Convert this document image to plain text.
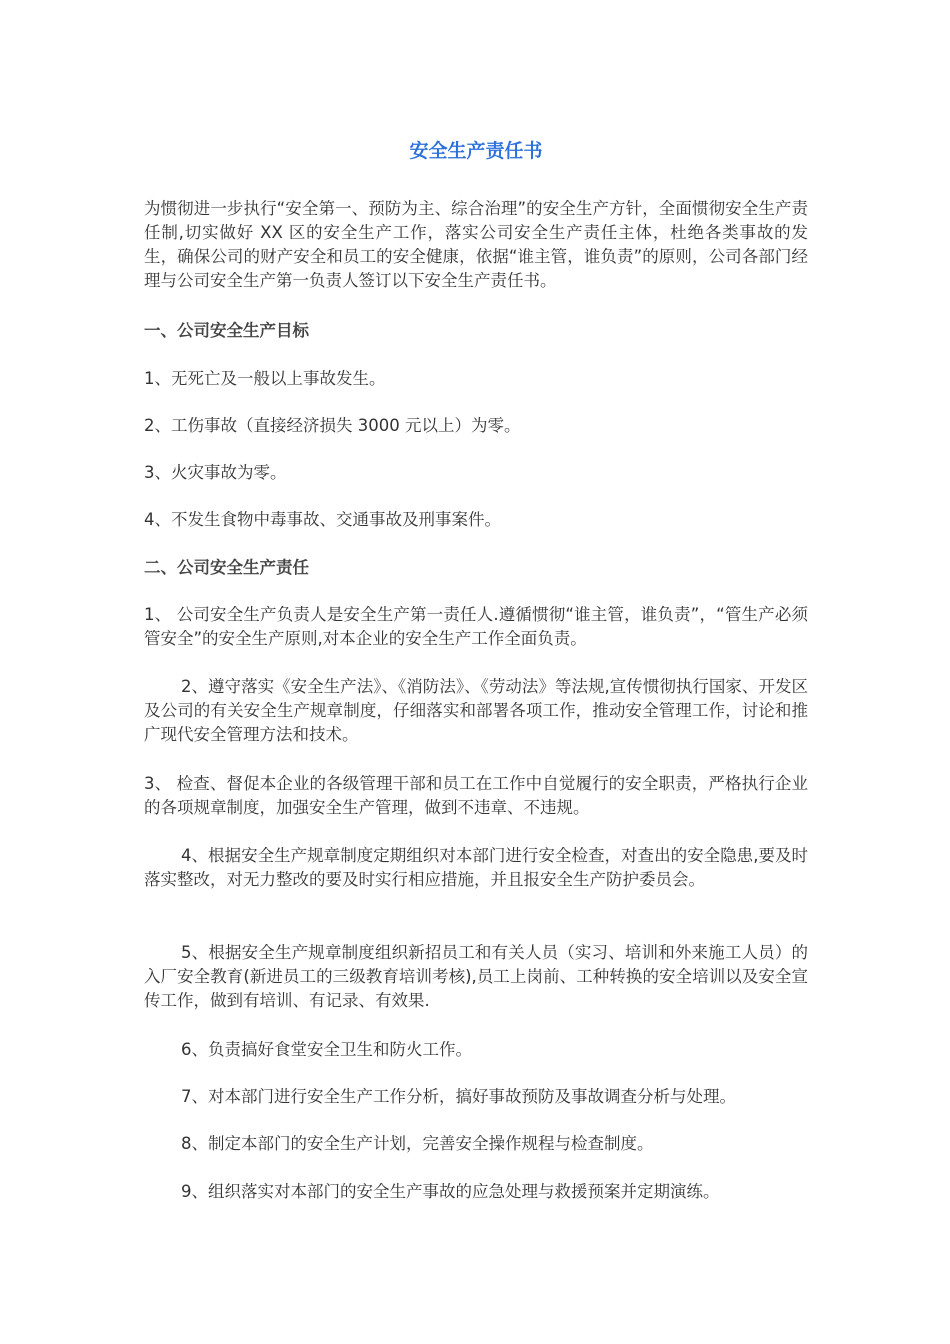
安全生产责任书

为惯彻进一步执行“安全第一、预防为主、综合治理”的安全生产方针，全面惯彻安全生产责任制,切实做好 XX 区的安全生产工作，落实公司安全生产责任主体，杜绝各类事故的发生，确保公司的财产安全和员工的安全健康，依据“谁主管，谁负责”的原则，公司各部门经理与公司安全生产第一负责人签订以下安全生产责任书。

一、公司安全生产目标

1、无死亡及一般以上事故发生。

2、工伤事故（直接经济损失 3000 元以上）为零。

3、火灾事故为零。

4、不发生食物中毒事故、交通事故及刑事案件。

二、公司安全生产责任

1、 公司安全生产负责人是安全生产第一责任人.遵循惯彻“谁主管，谁负责”，“管生产必须管安全”的安全生产原则,对本企业的安全生产工作全面负责。

2、遵守落实《安全生产法》、《消防法》、《劳动法》等法规,宣传惯彻执行国家、开发区及公司的有关安全生产规章制度，仔细落实和部署各项工作，推动安全管理工作，讨论和推广现代安全管理方法和技术。

3、 检查、督促本企业的各级管理干部和员工在工作中自觉履行的安全职责，严格执行企业的各项规章制度，加强安全生产管理，做到不违章、不违规。

4、根据安全生产规章制度定期组织对本部门进行安全检查，对查出的安全隐患,要及时落实整改，对无力整改的要及时实行相应措施，并且报安全生产防护委员会。

5、根据安全生产规章制度组织新招员工和有关人员（实习、培训和外来施工人员）的入厂安全教育(新进员工的三级教育培训考核),员工上岗前、工种转换的安全培训以及安全宣传工作，做到有培训、有记录、有效果.

6、负责搞好食堂安全卫生和防火工作。

7、对本部门进行安全生产工作分析，搞好事故预防及事故调查分析与处理。

8、制定本部门的安全生产计划，完善安全操作规程与检查制度。

9、组织落实对本部门的安全生产事故的应急处理与救援预案并定期演练。
